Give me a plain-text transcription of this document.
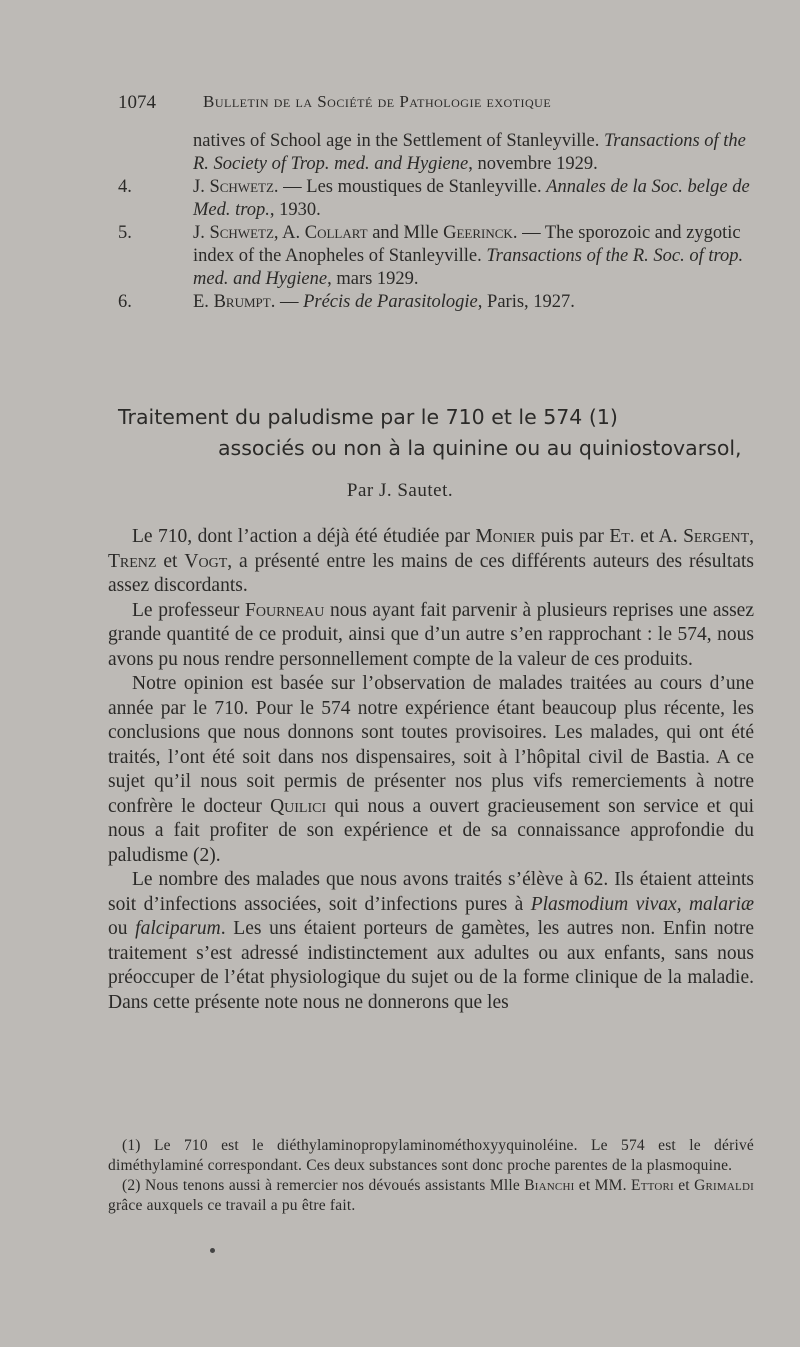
1074	Bulletin de la Société de Pathologie exotique
natives of School age in the Settlement of Stanleyville. Transactions of the R. Society of Trop. med. and Hygiene, novembre 1929.
4.	J. Schwetz. — Les moustiques de Stanleyville. Annales de la Soc. belge de Med. trop., 1930.
5.	J. Schwetz, A. Collart and Mlle Geerinck. — The sporozoic and zygotic index of the Anopheles of Stanleyville. Transactions of the R. Soc. of trop. med. and Hygiene, mars 1929.
6.	E. Brumpt. — Précis de Parasitologie, Paris, 1927.
Traitement du paludisme par le 710 et le 574 (1)
associés ou non à la quinine ou au quiniostovarsol,
Par J. Sautet.

Le 710, dont l’action a déjà été étudiée par Monier puis par Et. et A. Sergent, Trenz et Vogt, a présenté entre les mains de ces différents auteurs des résultats assez discordants.

Le professeur Fourneau nous ayant fait parvenir à plusieurs reprises une assez grande quantité de ce produit, ainsi que d’un autre s’en rapprochant : le 574, nous avons pu nous rendre personnellement compte de la valeur de ces produits.

Notre opinion est basée sur l’observation de malades traitées au cours d’une année par le 710. Pour le 574 notre expérience étant beaucoup plus récente, les conclusions que nous donnons sont toutes provisoires. Les malades, qui ont été traités, l’ont été soit dans nos dispensaires, soit à l’hôpital civil de Bastia. A ce sujet qu’il nous soit permis de présenter nos plus vifs remerciements à notre confrère le docteur Quilici qui nous a ouvert gracieusement son service et qui nous a fait profiter de son expérience et de sa connaissance approfondie du paludisme (2).

Le nombre des malades que nous avons traités s’élève à 62. Ils étaient atteints soit d’infections associées, soit d’infections pures à Plasmodium vivax, malariæ ou falciparum. Les uns étaient porteurs de gamètes, les autres non. Enfin notre traitement s’est adressé indistinctement aux adultes ou aux enfants, sans nous préoccuper de l’état physiologique du sujet ou de la forme clinique de la maladie. Dans cette présente note nous ne donnerons que les

(1) Le 710 est le diéthylaminopropylaminométhoxyyquinoléine. Le 574 est le dérivé diméthylaminé correspondant. Ces deux substances sont donc proche parentes de la plasmoquine.

(2) Nous tenons aussi à remercier nos dévoués assistants Mlle Bianchi et MM. Ettori et Grimaldi grâce auxquels ce travail a pu être fait.
